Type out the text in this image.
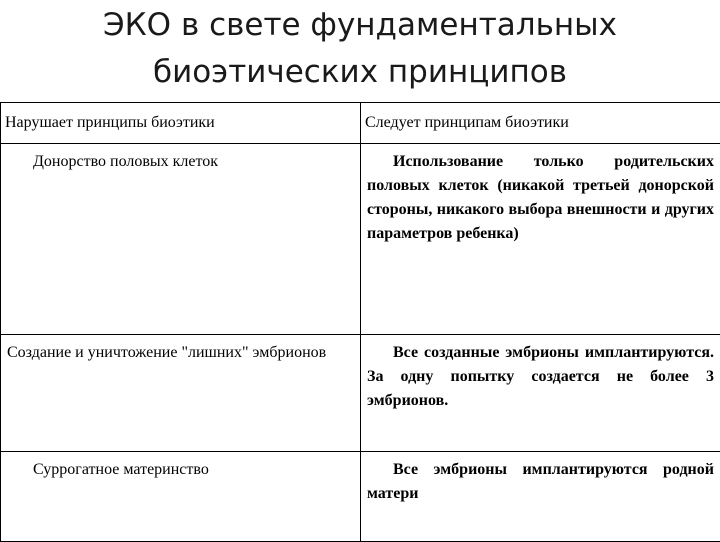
ЭКО в свете фундаментальных
биоэтических принципов
Нарушает принципы биоэтики	Следует принципам биоэтики
Донорство половых клеток	Использование только родительских половых клеток (никакой третьей донорской стороны, никакого выбора внешности и других параметров ребенка)
Создание и уничтожение "лишних" эмбрионов	Все созданные эмбрионы имплантируются. За одну попытку создается не более 3 эмбрионов.
Суррогатное материнство	Все эмбрионы имплантируются родной матери
